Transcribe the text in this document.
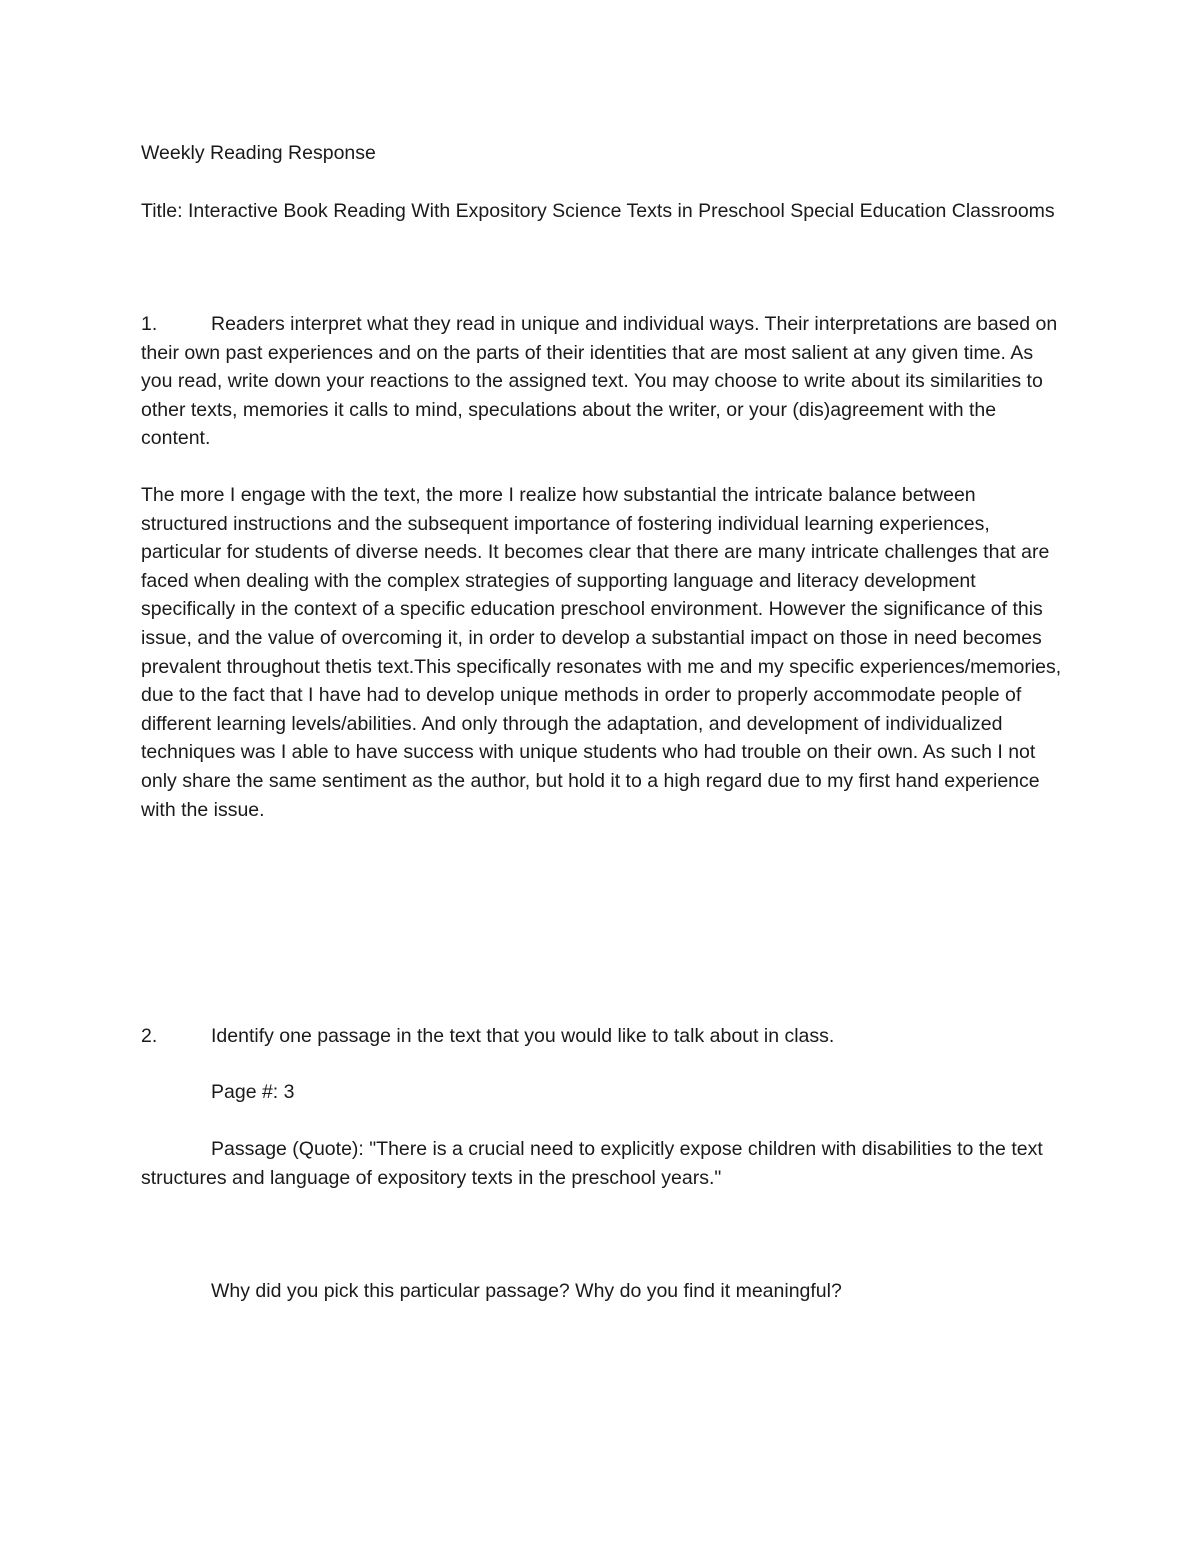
Weekly Reading Response

Title: Interactive Book Reading With Expository Science Texts in Preschool Special Education Classrooms

1.	Readers interpret what they read in unique and individual ways. Their interpretations are based on their own past experiences and on the parts of their identities that are most salient at any given time. As you read, write down your reactions to the assigned text. You may choose to write about its similarities to other texts, memories it calls to mind, speculations about the writer, or your (dis)agreement with the content.

The more I engage with the text, the more I realize how substantial the intricate balance between structured instructions and the subsequent importance of fostering individual learning experiences, particular for students of diverse needs. It becomes clear that there are many intricate challenges that are faced when dealing with the complex strategies of supporting language and literacy development specifically in the context of a specific education preschool environment. However the significance of this issue, and the value of overcoming it, in order to develop a substantial impact on those in need becomes prevalent throughout thetis text.This specifically resonates with me and my specific experiences/memories, due to the fact that I have had to develop unique methods in order to properly accommodate people of different learning levels/abilities. And only through the adaptation, and development of individualized techniques was I able to have success with unique students who had trouble on their own. As such I not only share the same sentiment as the author, but hold it to a high regard due to my first hand experience with the issue.

2.	Identify one passage in the text that you would like to talk about in class.

Page #: 3

Passage (Quote): "There is a crucial need to explicitly expose children with disabilities to the text structures and language of expository texts in the preschool years."

Why did you pick this particular passage? Why do you find it meaningful?
